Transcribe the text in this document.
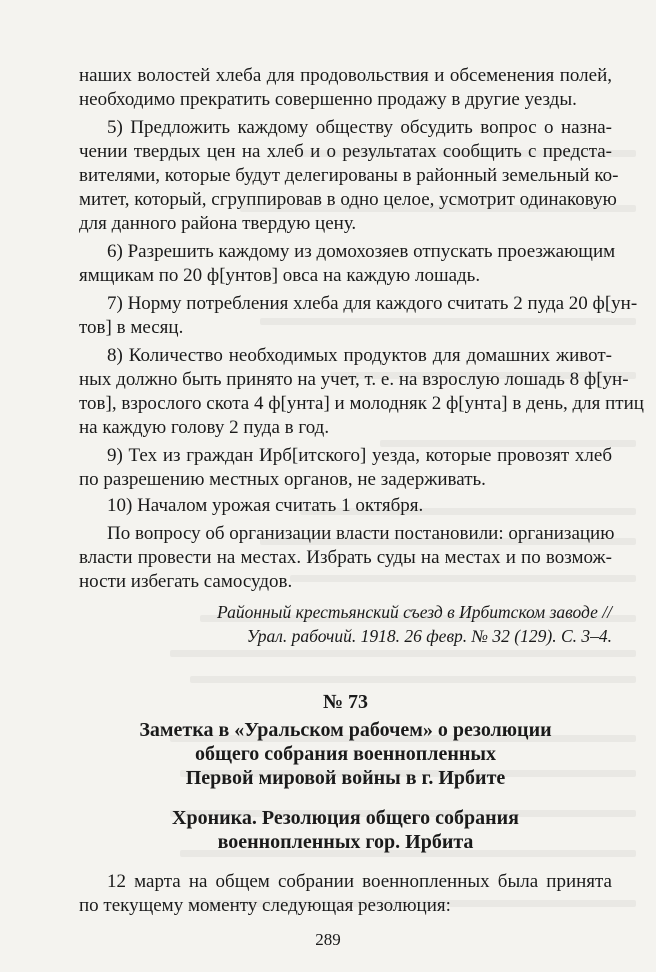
наших волостей хлеба для продовольствия и обсеменения полей,
необходимо прекратить совершенно продажу в другие уезды.
5) Предложить каждому обществу обсудить вопрос о назна-
чении твердых цен на хлеб и о результатах сообщить с предста-
вителями, которые будут делегированы в районный земельный ко-
митет, который, сгруппировав в одно целое, усмотрит одинаковую
для данного района твердую цену.
6) Разрешить каждому из домохозяев отпускать проезжающим
ямщикам по 20 ф[унтов] овса на каждую лошадь.
7) Норму потребления хлеба для каждого считать 2 пуда 20 ф[ун-
тов] в месяц.
8) Количество необходимых продуктов для домашних живот-
ных должно быть принято на учет, т. е. на взрослую лошадь 8 ф[ун-
тов], взрослого скота 4 ф[унта] и молодняк 2 ф[унта] в день, для птиц
на каждую голову 2 пуда в год.
9) Тех из граждан Ирб[итского] уезда, которые провозят хлеб
по разрешению местных органов, не задерживать.
10) Началом урожая считать 1 октября.
По вопросу об организации власти постановили: организацию
власти провести на местах. Избрать суды на местах и по возмож-
ности избегать самосудов.
Районный крестьянский съезд в Ирбитском заводе //
Урал. рабочий. 1918. 26 февр. № 32 (129). С. 3–4.
№ 73
Заметка в «Уральском рабочем» о резолюции
общего собрания военнопленных
Первой мировой войны в г. Ирбите
Хроника. Резолюция общего собрания
военнопленных гор. Ирбита
12 марта на общем собрании военнопленных была принята
по текущему моменту следующая резолюция:
289
